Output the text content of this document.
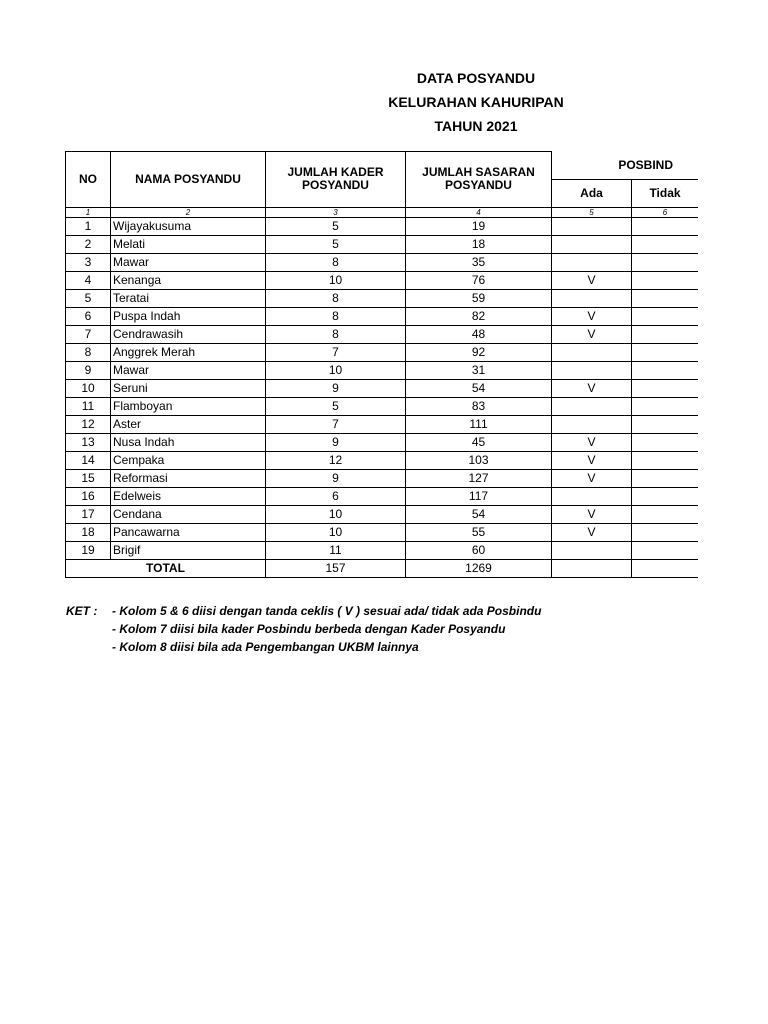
DATA POSYANDU
KELURAHAN KAHURIPAN
TAHUN 2021
NO	NAMA POSYANDU	JUMLAH KADER POSYANDU	JUMLAH SASARAN POSYANDU	POSBIND		
				Ada	Tidak	
1	2	3	4	5	6	
1	Wijayakusuma	5	19			
2	Melati	5	18			
3	Mawar	8	35			
4	Kenanga	10	76	V		
5	Teratai	8	59			
6	Puspa Indah	8	82	V		
7	Cendrawasih	8	48	V		
8	Anggrek Merah	7	92			
9	Mawar	10	31			
10	Seruni	9	54	V		
11	Flamboyan	5	83			
12	Aster	7	111			
13	Nusa Indah	9	45	V		
14	Cempaka	12	103	V		
15	Reformasi	9	127	V		
16	Edelweis	6	117			
17	Cendana	10	54	V		
18	Pancawarna	10	55	V		
19	Brigif	11	60			
TOTAL		157	1269			
KET : - Kolom 5 & 6 diisi dengan tanda ceklis ( V ) sesuai ada/ tidak ada Posbindu
- Kolom 7 diisi bila kader Posbindu berbeda dengan Kader Posyandu
- Kolom 8 diisi bila ada Pengembangan UKBM lainnya
